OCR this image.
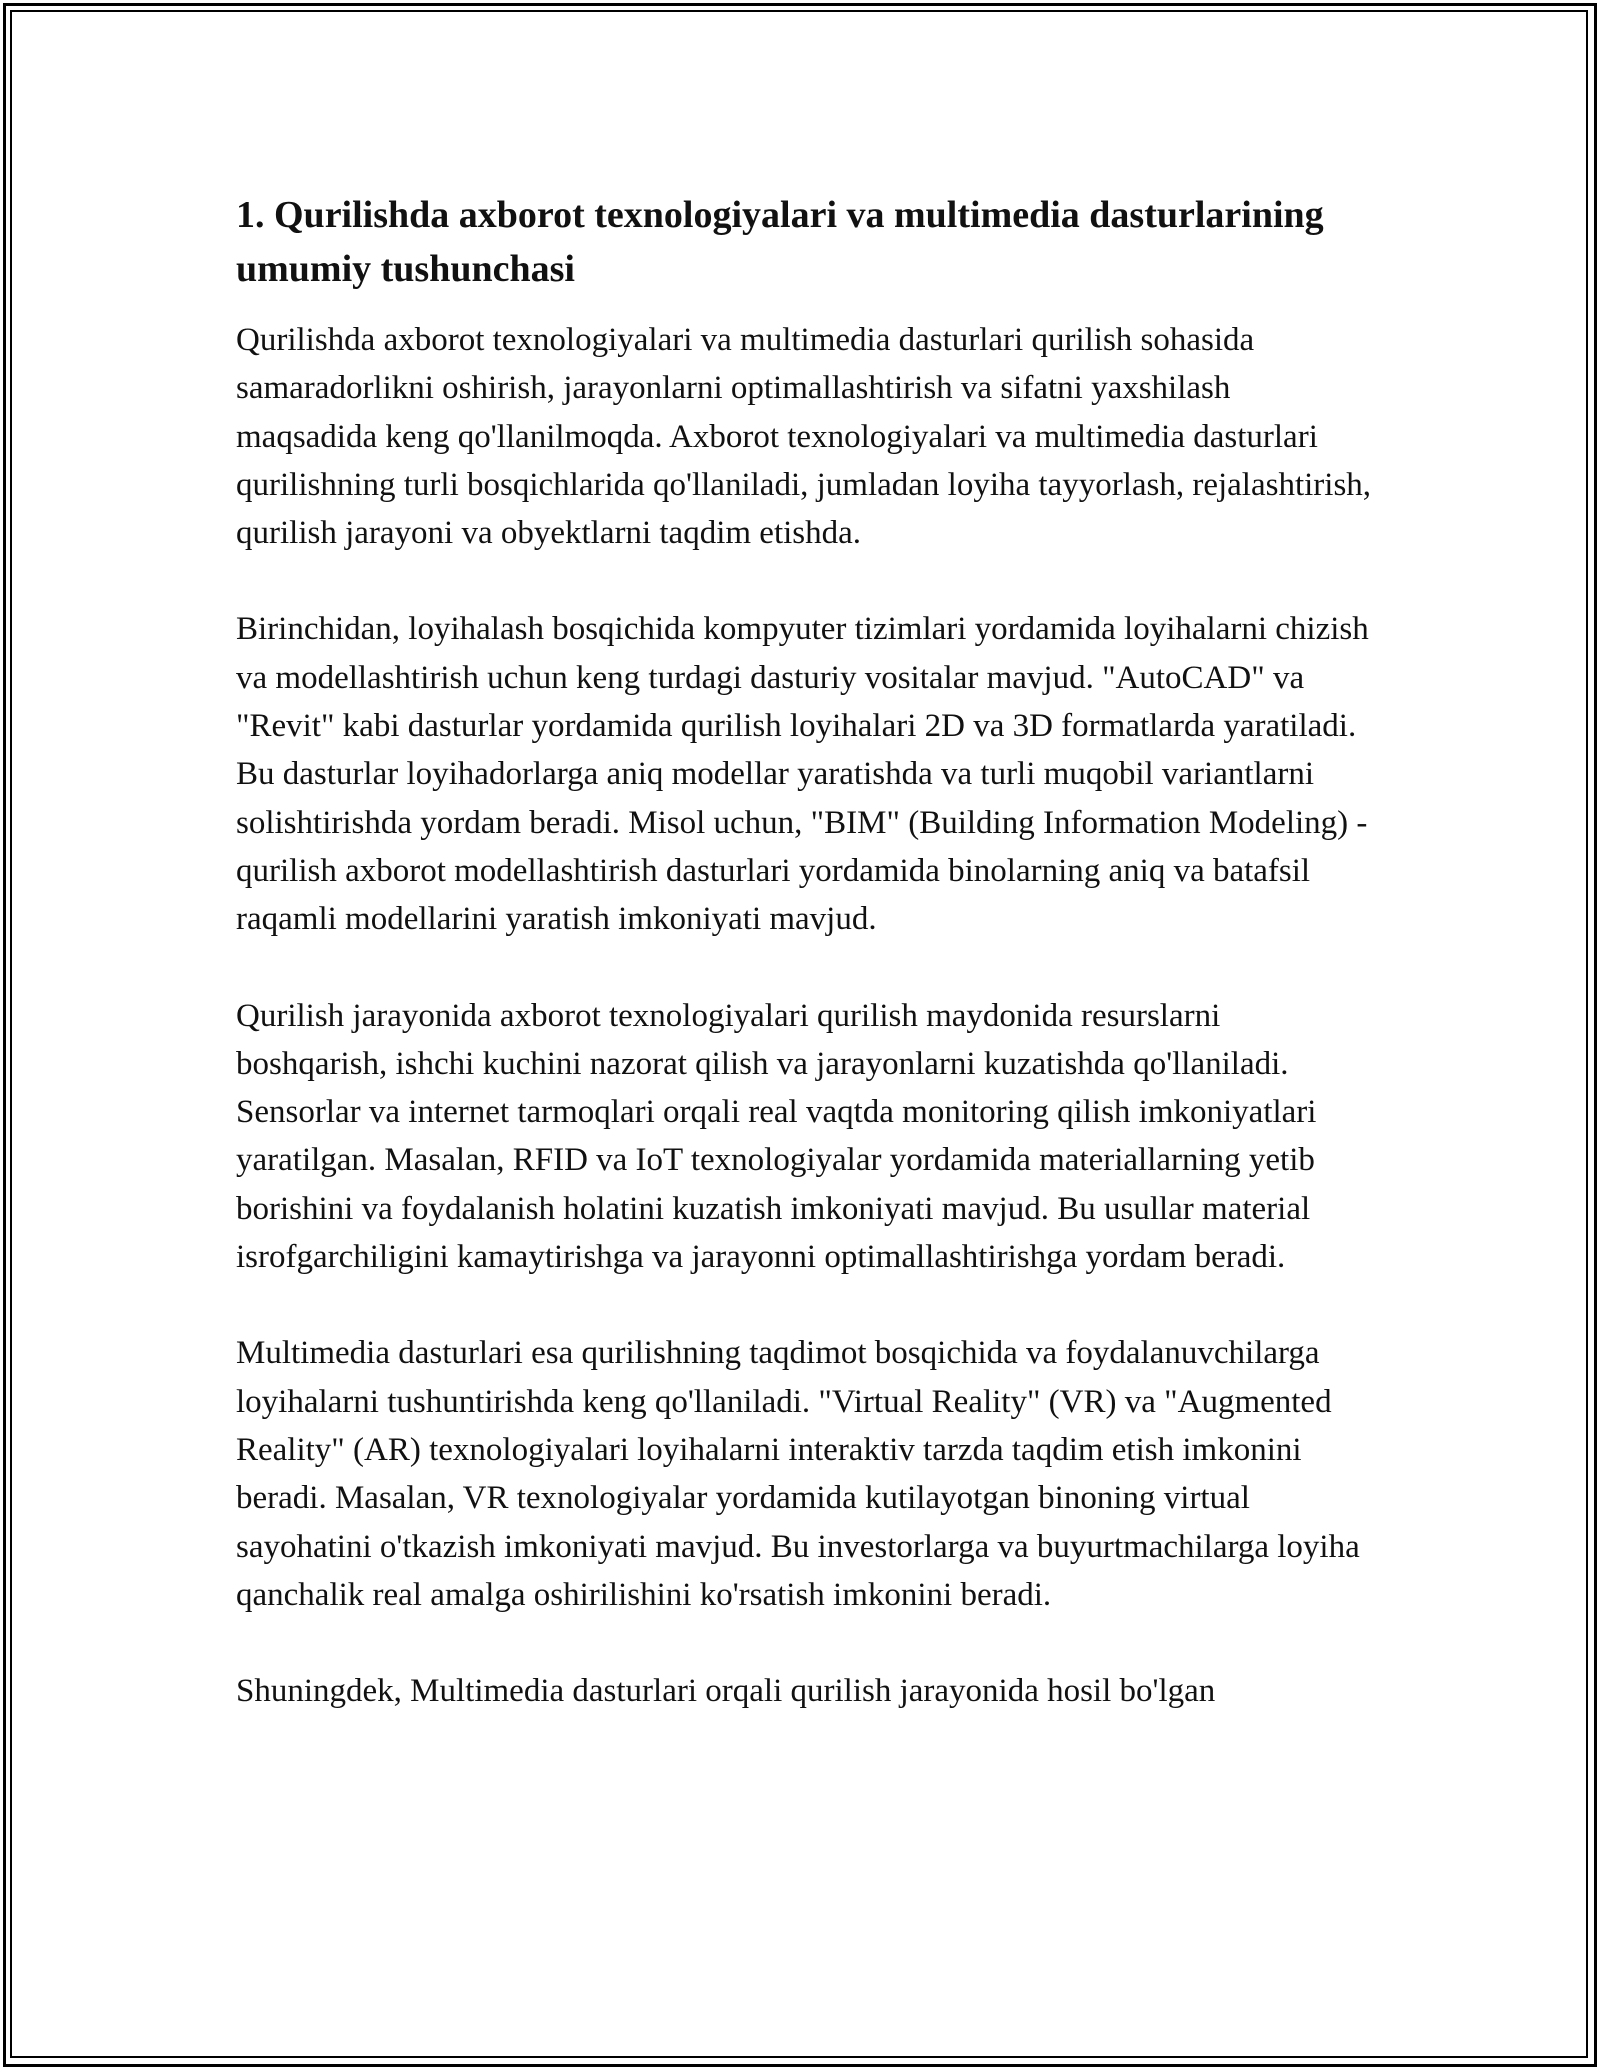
1. Qurilishda axborot texnologiyalari va multimedia dasturlarining umumiy tushunchasi

Qurilishda axborot texnologiyalari va multimedia dasturlari qurilish sohasida samaradorlikni oshirish, jarayonlarni optimallashtirish va sifatni yaxshilash maqsadida keng qo'llanilmoqda. Axborot texnologiyalari va multimedia dasturlari qurilishning turli bosqichlarida qo'llaniladi, jumladan loyiha tayyorlash, rejalashtirish, qurilish jarayoni va obyektlarni taqdim etishda.

Birinchidan, loyihalash bosqichida kompyuter tizimlari yordamida loyihalarni chizish va modellashtirish uchun keng turdagi dasturiy vositalar mavjud. "AutoCAD" va "Revit" kabi dasturlar yordamida qurilish loyihalari 2D va 3D formatlarda yaratiladi. Bu dasturlar loyihadorlarga aniq modellar yaratishda va turli muqobil variantlarni solishtirishda yordam beradi. Misol uchun, "BIM" (Building Information Modeling) - qurilish axborot modellashtirish dasturlari yordamida binolarning aniq va batafsil raqamli modellarini yaratish imkoniyati mavjud.

Qurilish jarayonida axborot texnologiyalari qurilish maydonida resurslarni boshqarish, ishchi kuchini nazorat qilish va jarayonlarni kuzatishda qo'llaniladi. Sensorlar va internet tarmoqlari orqali real vaqtda monitoring qilish imkoniyatlari yaratilgan. Masalan, RFID va IoT texnologiyalar yordamida materiallarning yetib borishini va foydalanish holatini kuzatish imkoniyati mavjud. Bu usullar material isrofgarchiligini kamaytirishga va jarayonni optimallashtirishga yordam beradi.

Multimedia dasturlari esa qurilishning taqdimot bosqichida va foydalanuvchilarga loyihalarni tushuntirishda keng qo'llaniladi. "Virtual Reality" (VR) va "Augmented Reality" (AR) texnologiyalari loyihalarni interaktiv tarzda taqdim etish imkonini beradi. Masalan, VR texnologiyalar yordamida kutilayotgan binoning virtual sayohatini o'tkazish imkoniyati mavjud. Bu investorlarga va buyurtmachilarga loyiha qanchalik real amalga oshirilishini ko'rsatish imkonini beradi.

Shuningdek, Multimedia dasturlari orqali qurilish jarayonida hosil bo'lgan
